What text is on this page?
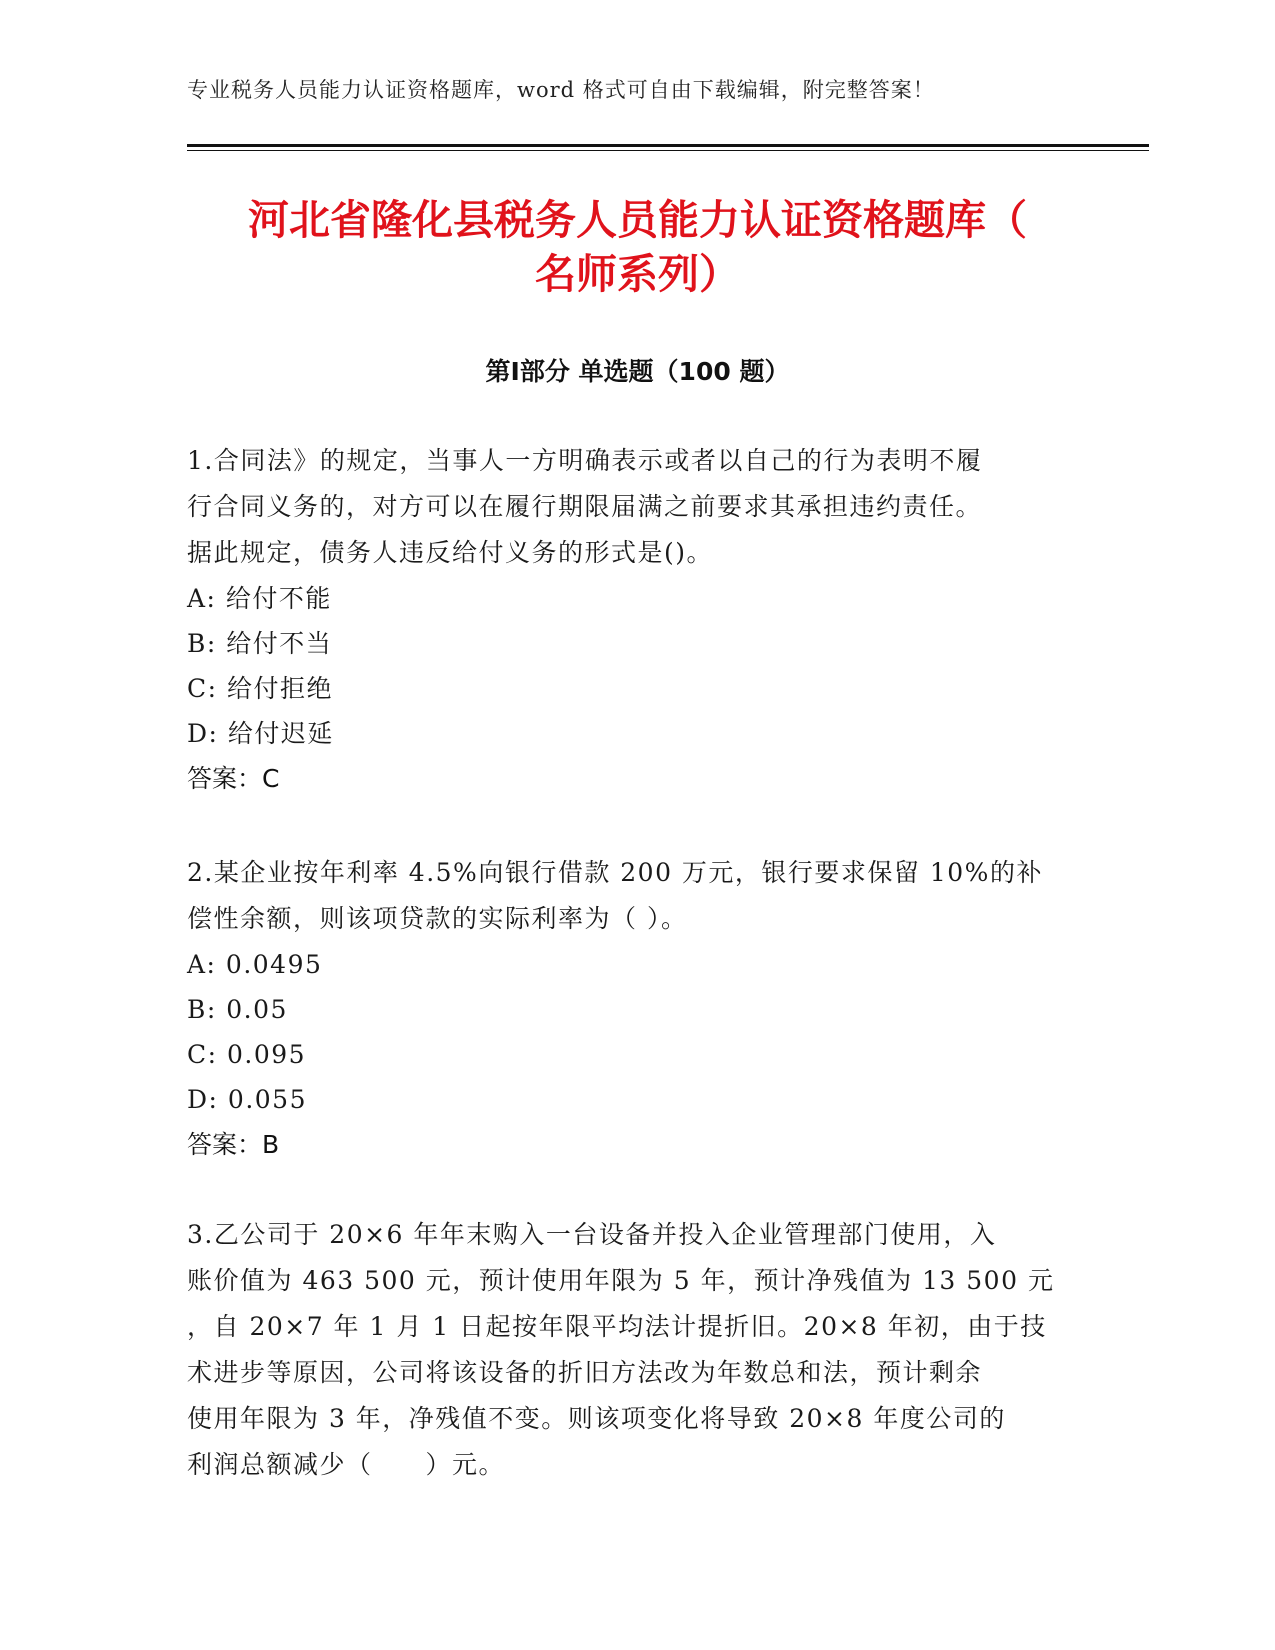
专业税务人员能力认证资格题库，word 格式可自由下载编辑，附完整答案！
河北省隆化县税务人员能力认证资格题库（
名师系列）
第Ⅰ部分 单选题（100 题）
1.合同法》的规定，当事人一方明确表示或者以自己的行为表明不履
行合同义务的，对方可以在履行期限届满之前要求其承担违约责任。
据此规定，债务人违反给付义务的形式是()。
A: 给付不能
B: 给付不当
C: 给付拒绝
D: 给付迟延
答案：C
2.某企业按年利率 4.5%向银行借款 200 万元，银行要求保留 10%的补
偿性余额，则该项贷款的实际利率为（ ）。
A: 0.0495
B: 0.05
C: 0.095
D: 0.055
答案：B
3.乙公司于 20×6 年年末购入一台设备并投入企业管理部门使用，入
账价值为 463 500 元，预计使用年限为 5 年，预计净残值为 13 500 元
，自 20×7 年 1 月 1 日起按年限平均法计提折旧。20×8 年初，由于技
术进步等原因，公司将该设备的折旧方法改为年数总和法，预计剩余
使用年限为 3 年，净残值不变。则该项变化将导致 20×8 年度公司的
利润总额减少（　　）元。
